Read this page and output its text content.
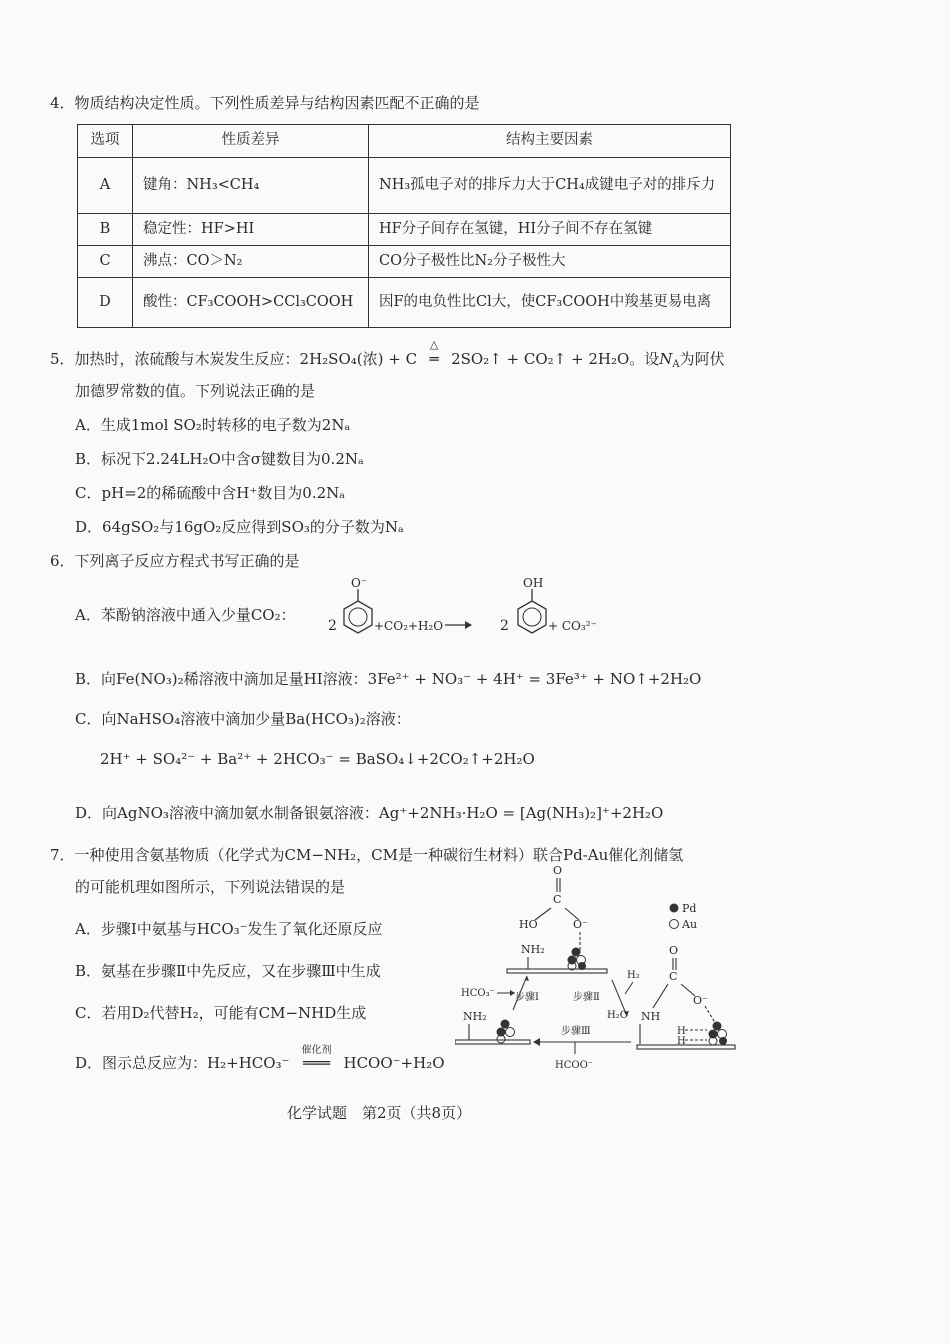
4．物质结构决定性质。下列性质差异与结构因素匹配不正确的是
选项	性质差异	结构主要因素
A	键角：NH₃<CH₄	NH₃孤电子对的排斥力大于CH₄成键电子对的排斥力
B	稳定性：HF>HI	HF分子间存在氢键，HI分子间不存在氢键
C	沸点：CO＞N₂	CO分子极性比N₂分子极性大
D	酸性：CF₃COOH>CCl₃COOH	因F的电负性比Cl大，使CF₃COOH中羧基更易电离
5．加热时，浓硫酸与木炭发生反应：2H₂SO₄(浓) + C
△
═ 2SO₂↑ + CO₂↑ + 2H₂O。设$N_A$为阿伏
加德罗常数的值。下列说法正确的是
A．生成1mol SO₂时转移的电子数为2Nₐ
B．标况下2.24LH₂O中含σ键数目为0.2Nₐ
C．pH=2的稀硫酸中含H⁺数目为0.2Nₐ
D．64gSO₂与16gO₂反应得到SO₃的分子数为Nₐ
6．下列离子反应方程式书写正确的是
A．苯酚钠溶液中通入少量CO₂：
2
O⁻
+CO₂+H₂O	2
OH
+ CO₃²⁻
B．向Fe(NO₃)₂稀溶液中滴加足量HI溶液：3Fe²⁺ + NO₃⁻ + 4H⁺ = 3Fe³⁺ + NO↑+2H₂O
C．向NaHSO₄溶液中滴加少量Ba(HCO₃)₂溶液：
2H⁺ + SO₄²⁻ + Ba²⁺ + 2HCO₃⁻ = BaSO₄↓+2CO₂↑+2H₂O
D．向AgNO₃溶液中滴加氨水制备银氨溶液：Ag⁺+2NH₃·H₂O = [Ag(NH₃)₂]⁺+2H₂O
7．一种使用含氨基物质（化学式为CM−NH₂，CM是一种碳衍生材料）联合Pd-Au催化剂储氢
的可能机理如图所示，下列说法错误的是
A．步骤Ⅰ中氨基与HCO₃⁻发生了氧化还原反应
B．氨基在步骤Ⅱ中先反应，又在步骤Ⅲ中生成
C．若用D₂代替H₂，可能有CM−NHD生成
D．图示总反应为：H₂+HCO₃⁻
催化剂
═══ HCOO⁻+H₂O
O
C
HO	O⁻
Pd
Au
NH₂
HCO₃⁻ 步骤Ⅰ
NH₂
步骤Ⅱ
H₂
H₂O
O
C
O⁻
NH
H
H
步骤Ⅲ
HCOO⁻
化学试题　第2页（共8页）
